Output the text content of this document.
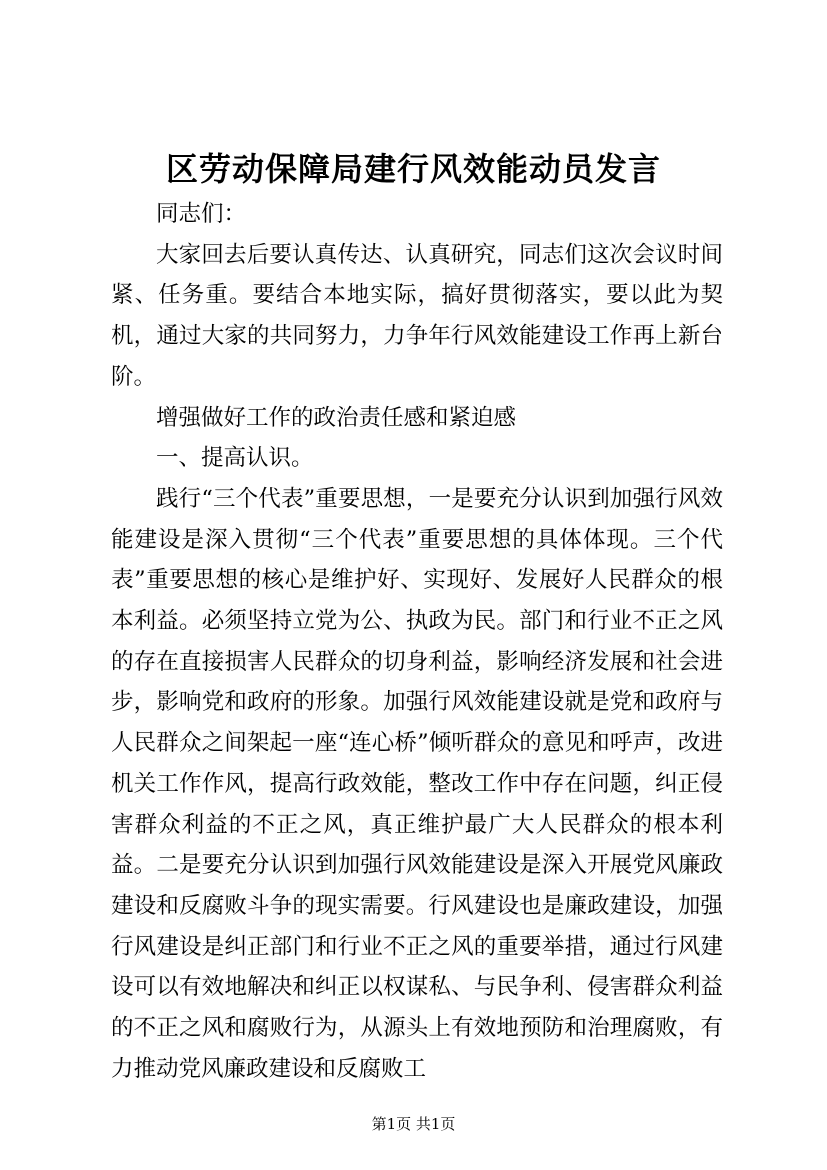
区劳动保障局建行风效能动员发言

同志们：

大家回去后要认真传达、认真研究，同志们这次会议时间紧、任务重。要结合本地实际，搞好贯彻落实，要以此为契机，通过大家的共同努力，力争年行风效能建设工作再上新台阶。

增强做好工作的政治责任感和紧迫感

一、提高认识。

践行“三个代表”重要思想，一是要充分认识到加强行风效能建设是深入贯彻“三个代表”重要思想的具体体现。三个代表”重要思想的核心是维护好、实现好、发展好人民群众的根本利益。必须坚持立党为公、执政为民。部门和行业不正之风的存在直接损害人民群众的切身利益，影响经济发展和社会进步，影响党和政府的形象。加强行风效能建设就是党和政府与人民群众之间架起一座“连心桥”倾听群众的意见和呼声，改进机关工作作风，提高行政效能，整改工作中存在问题，纠正侵害群众利益的不正之风，真正维护最广大人民群众的根本利益。二是要充分认识到加强行风效能建设是深入开展党风廉政建设和反腐败斗争的现实需要。行风建设也是廉政建设，加强行风建设是纠正部门和行业不正之风的重要举措，通过行风建设可以有效地解决和纠正以权谋私、与民争利、侵害群众利益的不正之风和腐败行为，从源头上有效地预防和治理腐败，有力推动党风廉政建设和反腐败工

第1页 共1页
